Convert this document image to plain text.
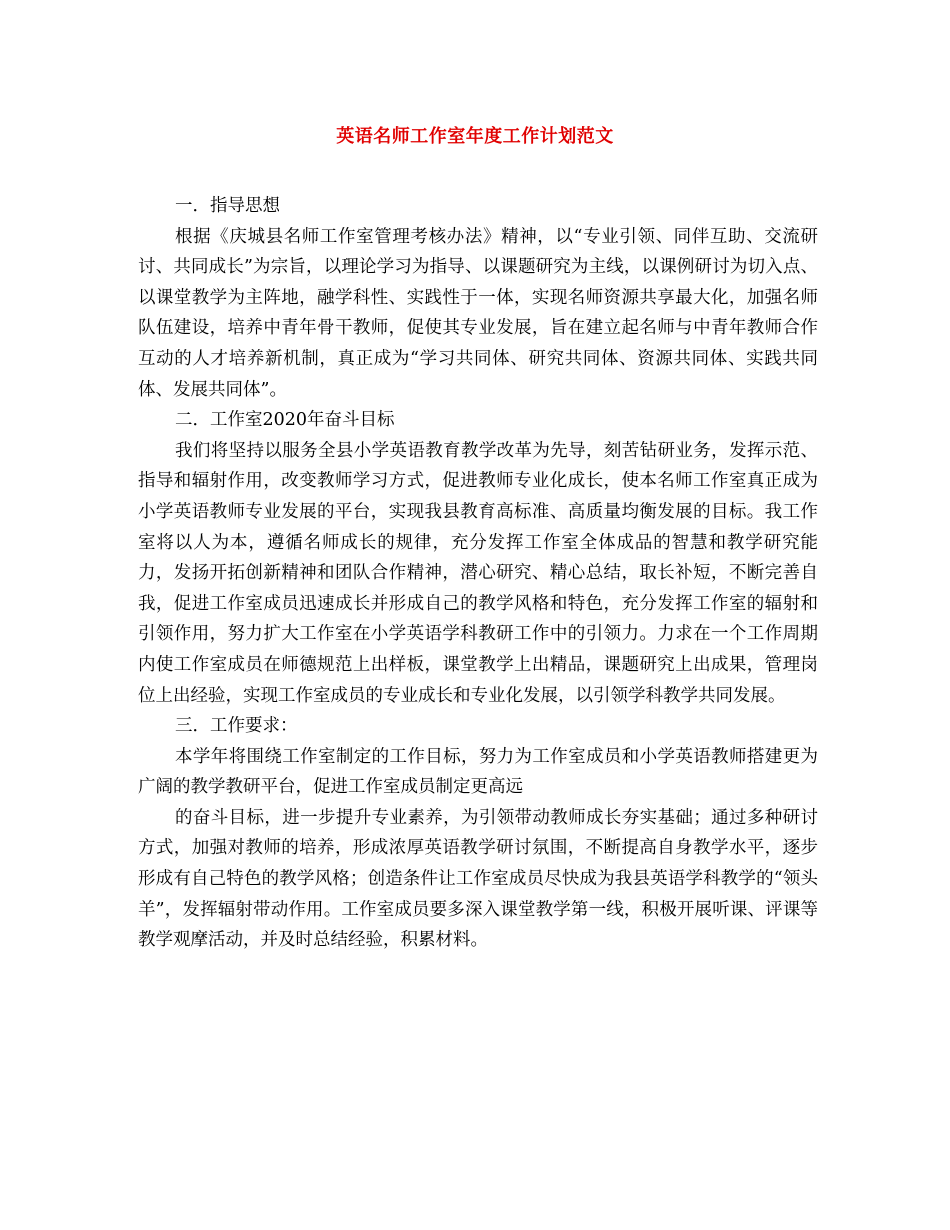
英语名师工作室年度工作计划范文

一．指导思想

根据《庆城县名师工作室管理考核办法》精神，以“专业引领、同伴互助、交流研讨、共同成长”为宗旨，以理论学习为指导、以课题研究为主线，以课例研讨为切入点、以课堂教学为主阵地，融学科性、实践性于一体，实现名师资源共享最大化，加强名师队伍建设，培养中青年骨干教师，促使其专业发展，旨在建立起名师与中青年教师合作互动的人才培养新机制，真正成为“学习共同体、研究共同体、资源共同体、实践共同体、发展共同体”。

二．工作室2020年奋斗目标

我们将坚持以服务全县小学英语教育教学改革为先导，刻苦钻研业务，发挥示范、指导和辐射作用，改变教师学习方式，促进教师专业化成长，使本名师工作室真正成为小学英语教师专业发展的平台，实现我县教育高标准、高质量均衡发展的目标。我工作室将以人为本，遵循名师成长的规律，充分发挥工作室全体成品的智慧和教学研究能力，发扬开拓创新精神和团队合作精神，潜心研究、精心总结，取长补短，不断完善自我，促进工作室成员迅速成长并形成自己的教学风格和特色，充分发挥工作室的辐射和引领作用，努力扩大工作室在小学英语学科教研工作中的引领力。力求在一个工作周期内使工作室成员在师德规范上出样板，课堂教学上出精品，课题研究上出成果，管理岗位上出经验，实现工作室成员的专业成长和专业化发展，以引领学科教学共同发展。

三．工作要求：

本学年将围绕工作室制定的工作目标，努力为工作室成员和小学英语教师搭建更为广阔的教学教研平台，促进工作室成员制定更高远

的奋斗目标，进一步提升专业素养，为引领带动教师成长夯实基础；通过多种研讨方式，加强对教师的培养，形成浓厚英语教学研讨氛围，不断提高自身教学水平，逐步形成有自己特色的教学风格；创造条件让工作室成员尽快成为我县英语学科教学的“领头羊”，发挥辐射带动作用。工作室成员要多深入课堂教学第一线，积极开展听课、评课等教学观摩活动，并及时总结经验，积累材料。
